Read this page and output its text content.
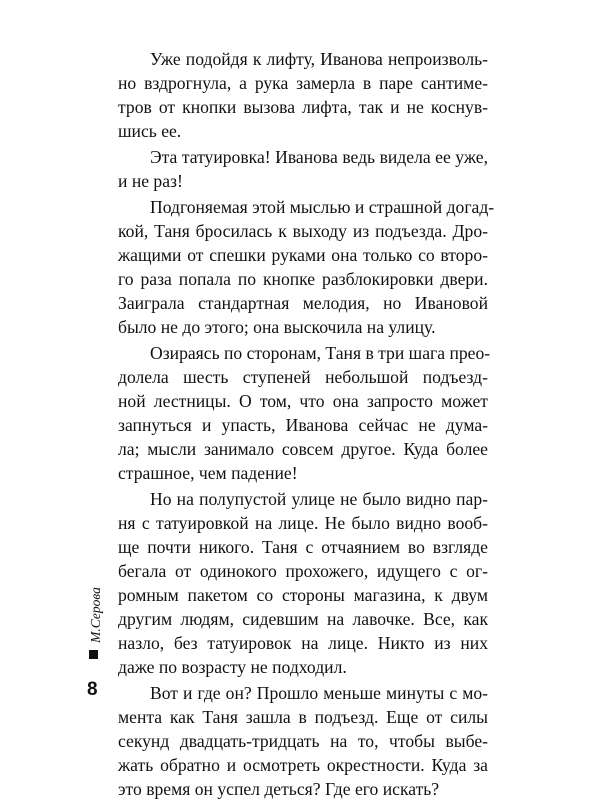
Уже подойдя к лифту, Иванова непроизволь-
но вздрогнула, а рука замерла в паре сантиме-
тров от кнопки вызова лифта, так и не коснув-
шись ее.

Эта татуировка! Иванова ведь видела ее уже,
и не раз!

Подгоняемая этой мыслью и страшной догад-
кой, Таня бросилась к выходу из подъезда. Дро-
жащими от спешки руками она только со второ-
го раза попала по кнопке разблокировки двери.
Заиграла стандартная мелодия, но Ивановой
было не до этого; она выскочила на улицу.

Озираясь по сторонам, Таня в три шага прео-
долела шесть ступеней небольшой подъезд-
ной лестницы. О том, что она запросто может
запнуться и упасть, Иванова сейчас не дума-
ла; мысли занимало совсем другое. Куда более
страшное, чем падение!

Но на полупустой улице не было видно пар-
ня с татуировкой на лице. Не было видно вооб-
ще почти никого. Таня с отчаянием во взгляде
бегала от одинокого прохожего, идущего с ог-
ромным пакетом со стороны магазина, к двум
другим людям, сидевшим на лавочке. Все, как
назло, без татуировок на лице. Никто из них
даже по возрасту не подходил.

Вот и где он? Прошло меньше минуты с мо-
мента как Таня зашла в подъезд. Еще от силы
секунд двадцать-тридцать на то, чтобы выбе-
жать обратно и осмотреть окрестности. Куда за
это время он успел деться? Где его искать?

М.Серова
8
